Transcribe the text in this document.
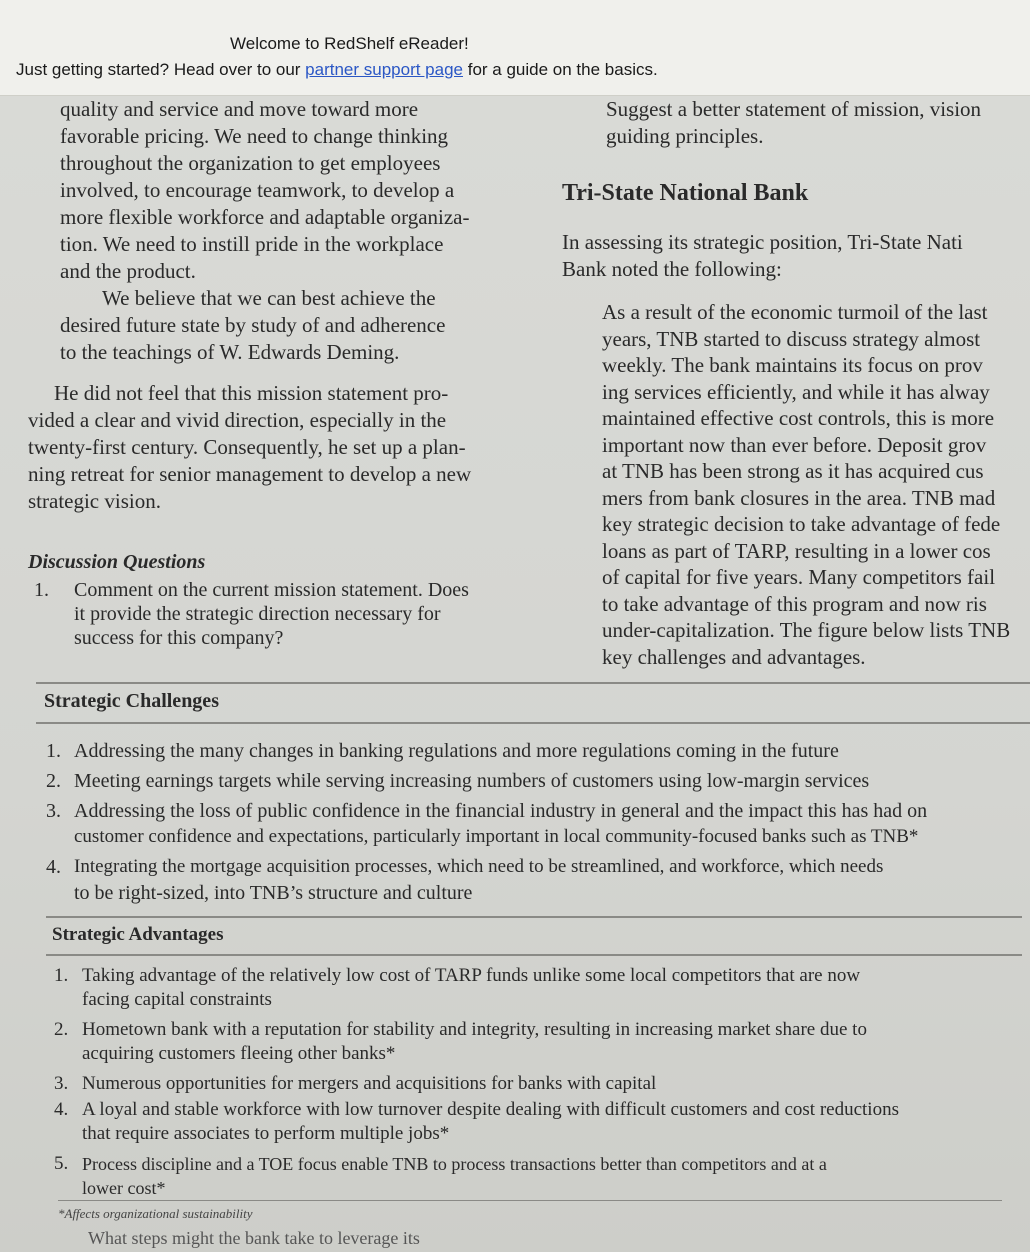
Welcome to RedShelf eReader!
Just getting started? Head over to our partner support page for a guide on the basics.

quality and service and move toward more

favorable pricing. We need to change thinking

throughout the organization to get employees

involved, to encourage teamwork, to develop a

more flexible workforce and adaptable organiza-

tion. We need to instill pride in the workplace

and the product.

We believe that we can best achieve the

desired future state by study of and adherence

to the teachings of W. Edwards Deming.

He did not feel that this mission statement pro-

vided a clear and vivid direction, especially in the

twenty-first century. Consequently, he set up a plan-

ning retreat for senior management to develop a new

strategic vision.

Discussion Questions
1.	Comment on the current mission statement. Does

it provide the strategic direction necessary for

success for this company?

Suggest a better statement of mission, vision

guiding principles.

Tri-State National Bank

In assessing its strategic position, Tri-State Nati

Bank noted the following:

As a result of the economic turmoil of the last

years, TNB started to discuss strategy almost

weekly. The bank maintains its focus on prov

ing services efficiently, and while it has alway

maintained effective cost controls, this is more

important now than ever before. Deposit grov

at TNB has been strong as it has acquired cus

mers from bank closures in the area. TNB mad

key strategic decision to take advantage of fede

loans as part of TARP, resulting in a lower cos

of capital for five years. Many competitors fail

to take advantage of this program and now ris

under-capitalization. The figure below lists TNB

key challenges and advantages.

Strategic Challenges
1. Addressing the many changes in banking regulations and more regulations coming in the future

2. Meeting earnings targets while serving increasing numbers of customers using low-margin services

3. Addressing the loss of public confidence in the financial industry in general and the impact this has had on

customer confidence and expectations, particularly important in local community-focused banks such as TNB*

4. Integrating the mortgage acquisition processes, which need to be streamlined, and workforce, which needs

to be right-sized, into TNB’s structure and culture

Strategic Advantages
1. Taking advantage of the relatively low cost of TARP funds unlike some local competitors that are now

facing capital constraints

2. Hometown bank with a reputation for stability and integrity, resulting in increasing market share due to

acquiring customers fleeing other banks*

3. Numerous opportunities for mergers and acquisitions for banks with capital

4. A loyal and stable workforce with low turnover despite dealing with difficult customers and cost reductions

that require associates to perform multiple jobs*

5. Process discipline and a TOE focus enable TNB to process transactions better than competitors and at a

lower cost*

*Affects organizational sustainability
What steps might the bank take to leverage its
